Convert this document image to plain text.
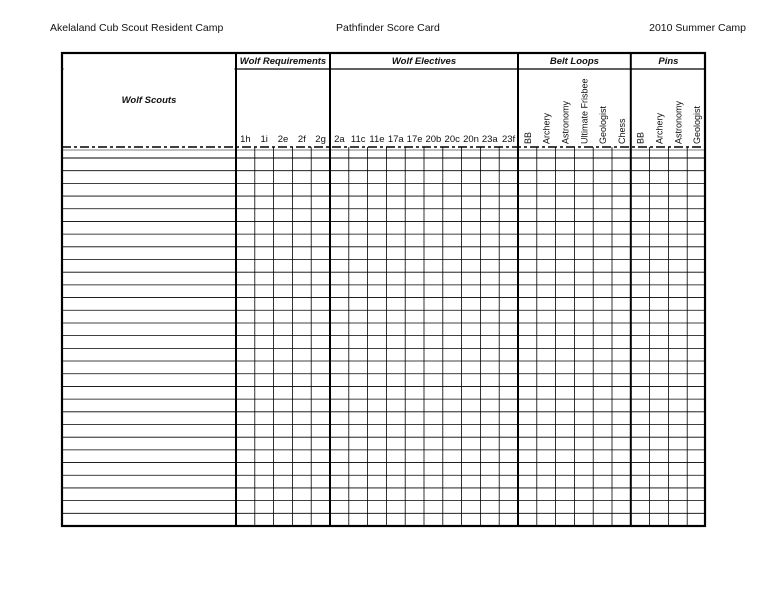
Akelaland Cub Scout Resident Camp	Pathfinder Score Card	2010 Summer Camp
Wolf Scouts
Wolf Requirements
1h 1i 2e 2f 2g
Wolf Electives
2a 11c 11e 17a 17e 20b 20c 20n 23a 23f
Belt Loops
BB Archery Astronomy Ultimate Frisbee Geologist Chess
Pins
BB Archery Astronomy Geologist
